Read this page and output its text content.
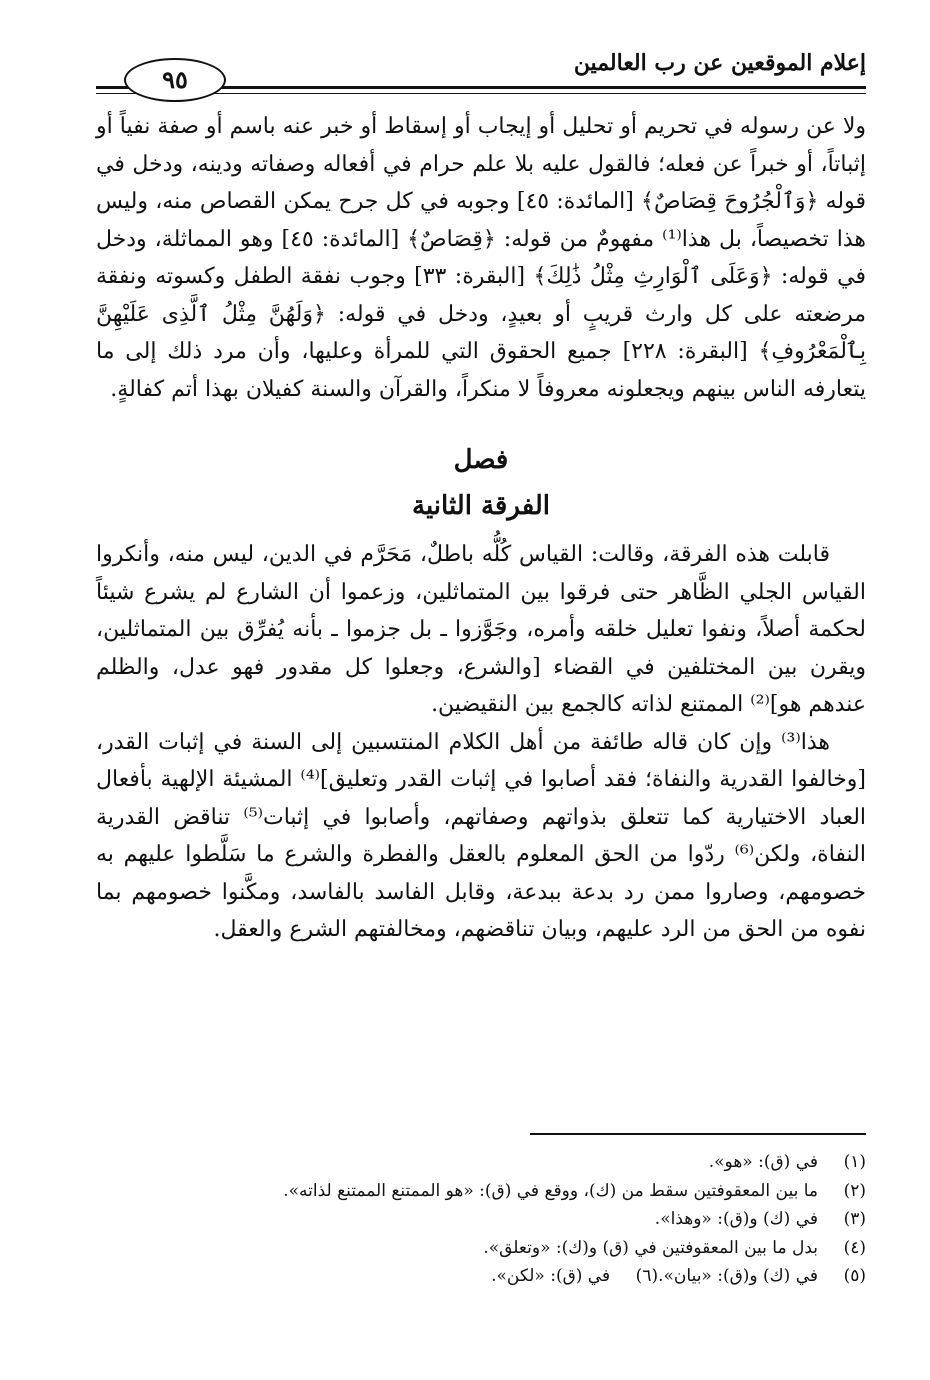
إعلام الموقعين عن رب العالمين
٩٥

ولا عن رسوله في تحريم أو تحليل أو إيجاب أو إسقاط أو خبر عنه باسم أو صفة نفياً أو إثباتاً، أو خبراً عن فعله؛ فالقول عليه بلا علم حرام في أفعاله وصفاته ودينه، ودخل في قوله ﴿وَٱلْجُرُوحَ قِصَاصٌ﴾ [المائدة: ٤٥] وجوبه في كل جرح يمكن القصاص منه، وليس هذا تخصيصاً، بل هذا⁽¹⁾ مفهومٌ من قوله: ﴿قِصَاصٌ﴾ [المائدة: ٤٥] وهو المماثلة، ودخل في قوله: ﴿وَعَلَى ٱلْوَارِثِ مِثْلُ ذَٰلِكَ﴾ [البقرة: ٣٣] وجوب نفقة الطفل وكسوته ونفقة مرضعته على كل وارث قريبٍ أو بعيدٍ، ودخل في قوله: ﴿وَلَهُنَّ مِثْلُ ٱلَّذِى عَلَيْهِنَّ بِٱلْمَعْرُوفِ﴾ [البقرة: ٢٢٨] جميع الحقوق التي للمرأة وعليها، وأن مرد ذلك إلى ما يتعارفه الناس بينهم ويجعلونه معروفاً لا منكراً، والقرآن والسنة كفيلان بهذا أتم كفالةٍ.

فصل
الفرقة الثانية

قابلت هذه الفرقة، وقالت: القياس كُلُّه باطلٌ، مَحَرَّم في الدين، ليس منه، وأنكروا القياس الجلي الظَّاهر حتى فرقوا بين المتماثلين، وزعموا أن الشارع لم يشرع شيئاً لحكمة أصلاً، ونفوا تعليل خلقه وأمره، وجَوَّزوا ـ بل جزموا ـ بأنه يُفرِّق بين المتماثلين، ويقرن بين المختلفين في القضاء [والشرع، وجعلوا كل مقدور فهو عدل، والظلم عندهم هو]⁽²⁾ الممتنع لذاته كالجمع بين النقيضين.

هذا⁽³⁾ وإن كان قاله طائفة من أهل الكلام المنتسبين إلى السنة في إثبات القدر، [وخالفوا القدرية والنفاة؛ فقد أصابوا في إثبات القدر وتعليق]⁽⁴⁾ المشيئة الإلهية بأفعال العباد الاختيارية كما تتعلق بذواتهم وصفاتهم، وأصابوا في إثبات⁽⁵⁾ تناقض القدرية النفاة، ولكن⁽⁶⁾ ردّوا من الحق المعلوم بالعقل والفطرة والشرع ما سَلَّطوا عليهم به خصومهم، وصاروا ممن رد بدعة ببدعة، وقابل الفاسد بالفاسد، ومكَّنوا خصومهم بما نفوه من الحق من الرد عليهم، وبيان تناقضهم، ومخالفتهم الشرع والعقل.

(١)في (ق): «هو».
(٢)ما بين المعقوفتين سقط من (ك)، ووقع في (ق): «هو الممتنع الممتنع لذاته».
(٣)في (ك) و(ق): «وهذا».
(٤)بدل ما بين المعقوفتين في (ق) و(ك): «وتعلق».
(٥)في (ك) و(ق): «بيان».(٦)في (ق): «لكن».
